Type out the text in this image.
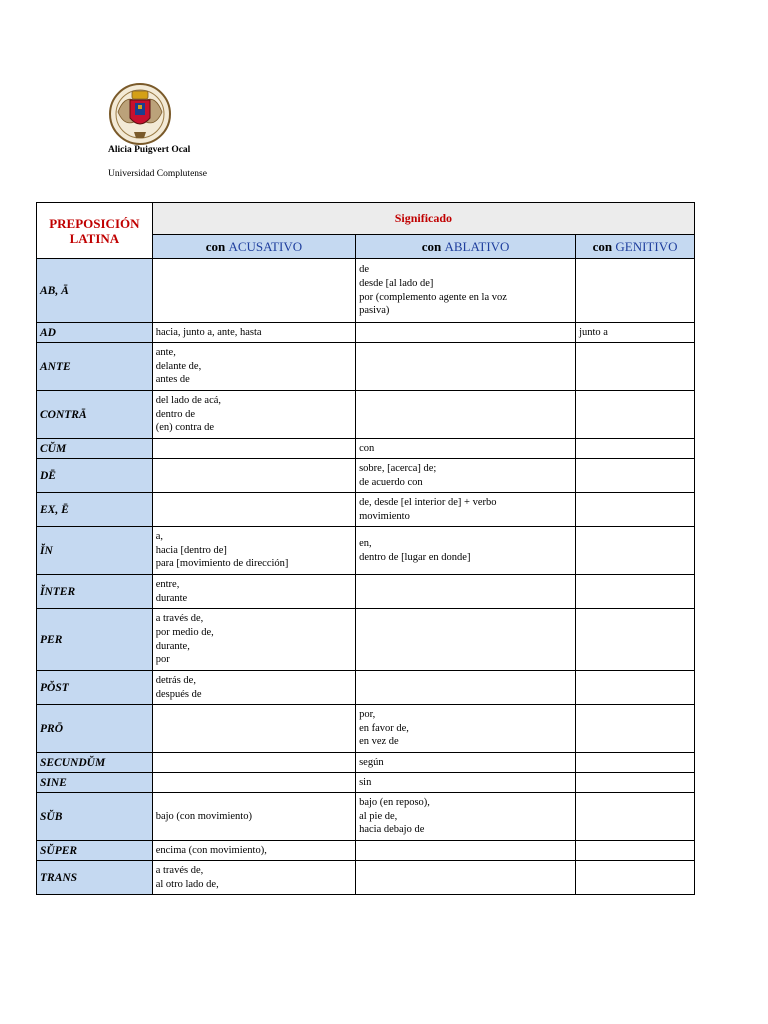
Alicia Puigvert Ocal
Universidad Complutense
PREPOSICIÓN
LATINA	Significado		
	con ACUSATIVO	con ABLATIVO	con GENITIVO
AB, Ā		de
desde [al lado de]
por (complemento agente en la voz
pasiva)	

AD	hacia, junto a, ante, hasta		junto a

ANTE	ante,
delante de,
antes de		

CONTRĀ	del lado de acá,
dentro de
(en) contra de		

CŬM		con	

DĒ		sobre, [acerca] de;
de acuerdo con	

EX, Ē		de, desde [el interior de] + verbo
movimiento	

ĬN	a,
hacia [dentro de]
para [movimiento de dirección]	en,
dentro de [lugar en donde]	

ĬNTER	entre,
durante		

PER	a través de,
por medio de,
durante,
por		

PŎST	detrás de,
después de		

PRŌ		por,
en favor de,
en vez de	

SECUNDŬM		según	

SINE		sin	

SŬB	bajo (con movimiento)	bajo (en reposo),
al pie de,
hacia debajo de	

SŬPER	encima (con movimiento),		

TRANS	a través de,
al otro lado de,		
